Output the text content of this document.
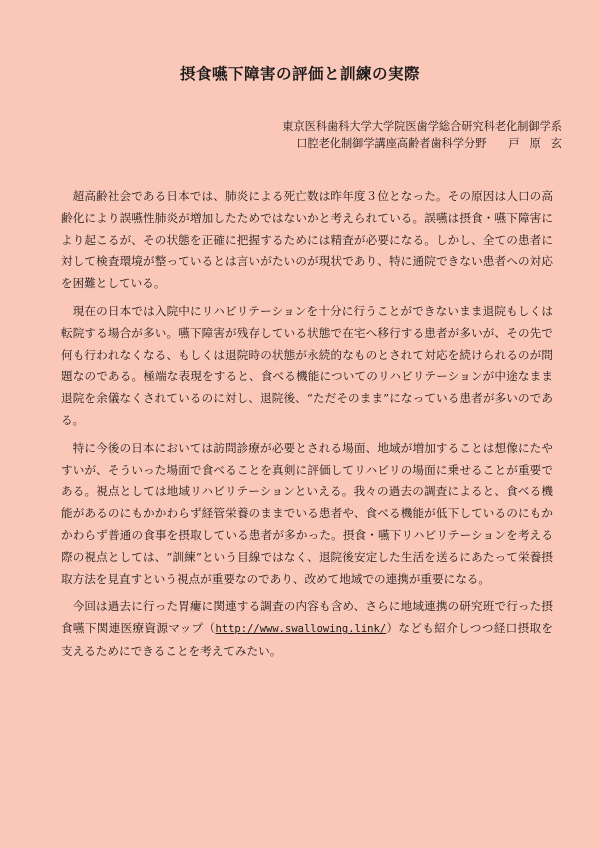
摂食嚥下障害の評価と訓練の実際
東京医科歯科大学大学院医歯学総合研究科老化制御学系
口腔老化制御学講座高齢者歯科学分野 戸原玄

超高齢社会である日本では、肺炎による死亡数は昨年度３位となった。その原因は人口の高齢化により誤嚥性肺炎が増加したためではないかと考えられている。誤嚥は摂食・嚥下障害により起こるが、その状態を正確に把握するためには精査が必要になる。しかし、全ての患者に対して検査環境が整っているとは言いがたいのが現状であり、特に通院できない患者への対応を困難としている。

現在の日本では入院中にリハビリテーションを十分に行うことができないまま退院もしくは転院する場合が多い。嚥下障害が残存している状態で在宅へ移行する患者が多いが、その先で何も行われなくなる、もしくは退院時の状態が永続的なものとされて対応を続けられるのが問題なのである。極端な表現をすると、食べる機能についてのリハビリテーションが中途なまま退院を余儀なくされているのに対し、退院後、“ただそのまま”になっている患者が多いのである。

特に今後の日本においては訪問診療が必要とされる場面、地域が増加することは想像にたやすいが、そういった場面で食べることを真剣に評価してリハビリの場面に乗せることが重要である。視点としては地域リハビリテーションといえる。我々の過去の調査によると、食べる機能があるのにもかかわらず経管栄養のままでいる患者や、食べる機能が低下しているのにもかかわらず普通の食事を摂取している患者が多かった。摂食・嚥下リハビリテーションを考える際の視点としては、“訓練”という目線ではなく、退院後安定した生活を送るにあたって栄養摂取方法を見直すという視点が重要なのであり、改めて地域での連携が重要になる。

今回は過去に行った胃瘻に関連する調査の内容も含め、さらに地域連携の研究班で行った摂食嚥下関連医療資源マップ（http://www.swallowing.link/）なども紹介しつつ経口摂取を支えるためにできることを考えてみたい。
